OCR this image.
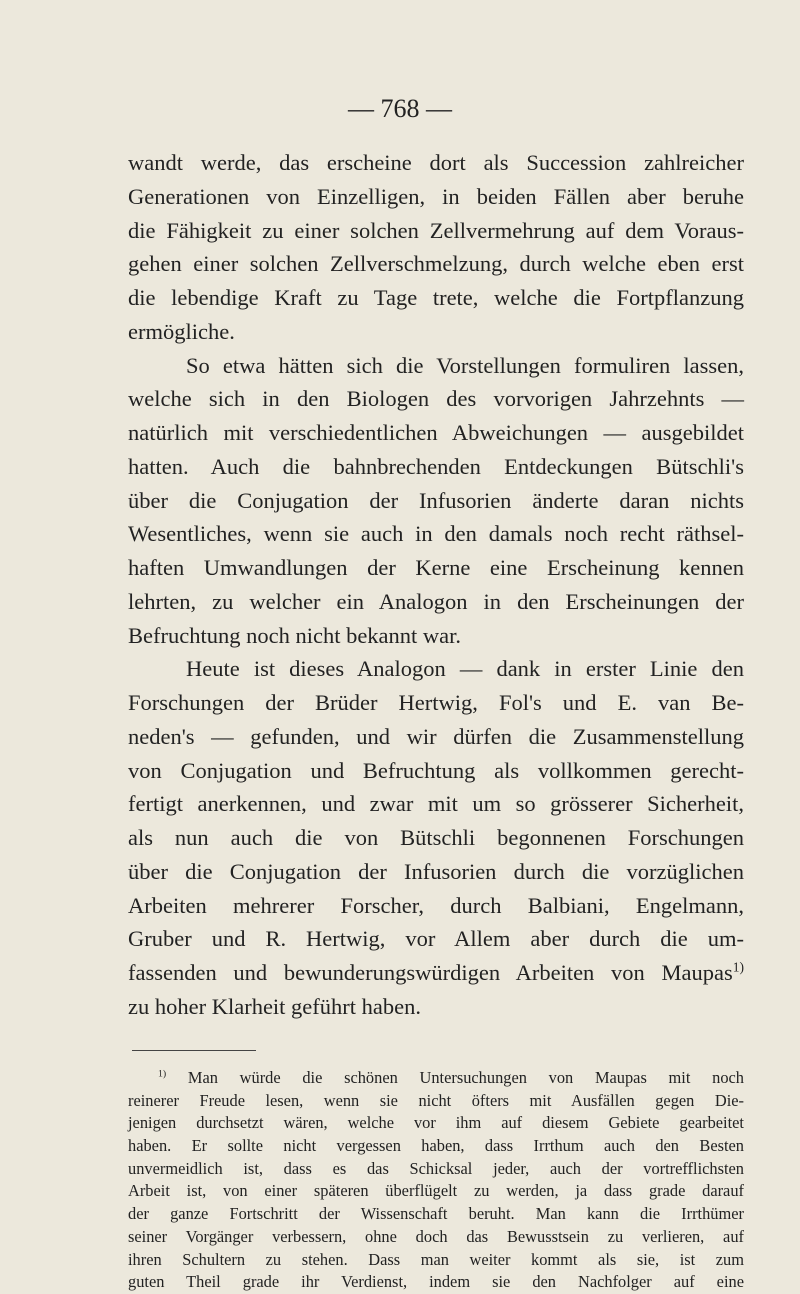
— 768 —
wandt werde, das erscheine dort als Succession zahlreicher
Generationen von Einzelligen, in beiden Fällen aber beruhe
die Fähigkeit zu einer solchen Zellvermehrung auf dem Voraus-
gehen einer solchen Zellverschmelzung, durch welche eben erst
die lebendige Kraft zu Tage trete, welche die Fortpflanzung
ermögliche.
So etwa hätten sich die Vorstellungen formuliren lassen,
welche sich in den Biologen des vorvorigen Jahrzehnts —
natürlich mit verschiedentlichen Abweichungen — ausgebildet
hatten. Auch die bahnbrechenden Entdeckungen Bütschli's
über die Conjugation der Infusorien änderte daran nichts
Wesentliches, wenn sie auch in den damals noch recht räthsel-
haften Umwandlungen der Kerne eine Erscheinung kennen
lehrten, zu welcher ein Analogon in den Erscheinungen der
Befruchtung noch nicht bekannt war.
Heute ist dieses Analogon — dank in erster Linie den
Forschungen der Brüder Hertwig, Fol's und E. van Be-
neden's — gefunden, und wir dürfen die Zusammenstellung
von Conjugation und Befruchtung als vollkommen gerecht-
fertigt anerkennen, und zwar mit um so grösserer Sicherheit,
als nun auch die von Bütschli begonnenen Forschungen
über die Conjugation der Infusorien durch die vorzüglichen
Arbeiten mehrerer Forscher, durch Balbiani, Engelmann,
Gruber und R. Hertwig, vor Allem aber durch die um-
fassenden und bewunderungswürdigen Arbeiten von Maupas$^{1)}$
zu hoher Klarheit geführt haben.
$^{1)}$ Man würde die schönen Untersuchungen von Maupas mit noch
reinerer Freude lesen, wenn sie nicht öfters mit Ausfällen gegen Die-
jenigen durchsetzt wären, welche vor ihm auf diesem Gebiete gearbeitet
haben. Er sollte nicht vergessen haben, dass Irrthum auch den Besten
unvermeidlich ist, dass es das Schicksal jeder, auch der vortrefflichsten
Arbeit ist, von einer späteren überflügelt zu werden, ja dass grade darauf
der ganze Fortschritt der Wissenschaft beruht. Man kann die Irrthümer
seiner Vorgänger verbessern, ohne doch das Bewusstsein zu verlieren, auf
ihren Schultern zu stehen. Dass man weiter kommt als sie, ist zum
guten Theil grade ihr Verdienst, indem sie den Nachfolger auf eine
